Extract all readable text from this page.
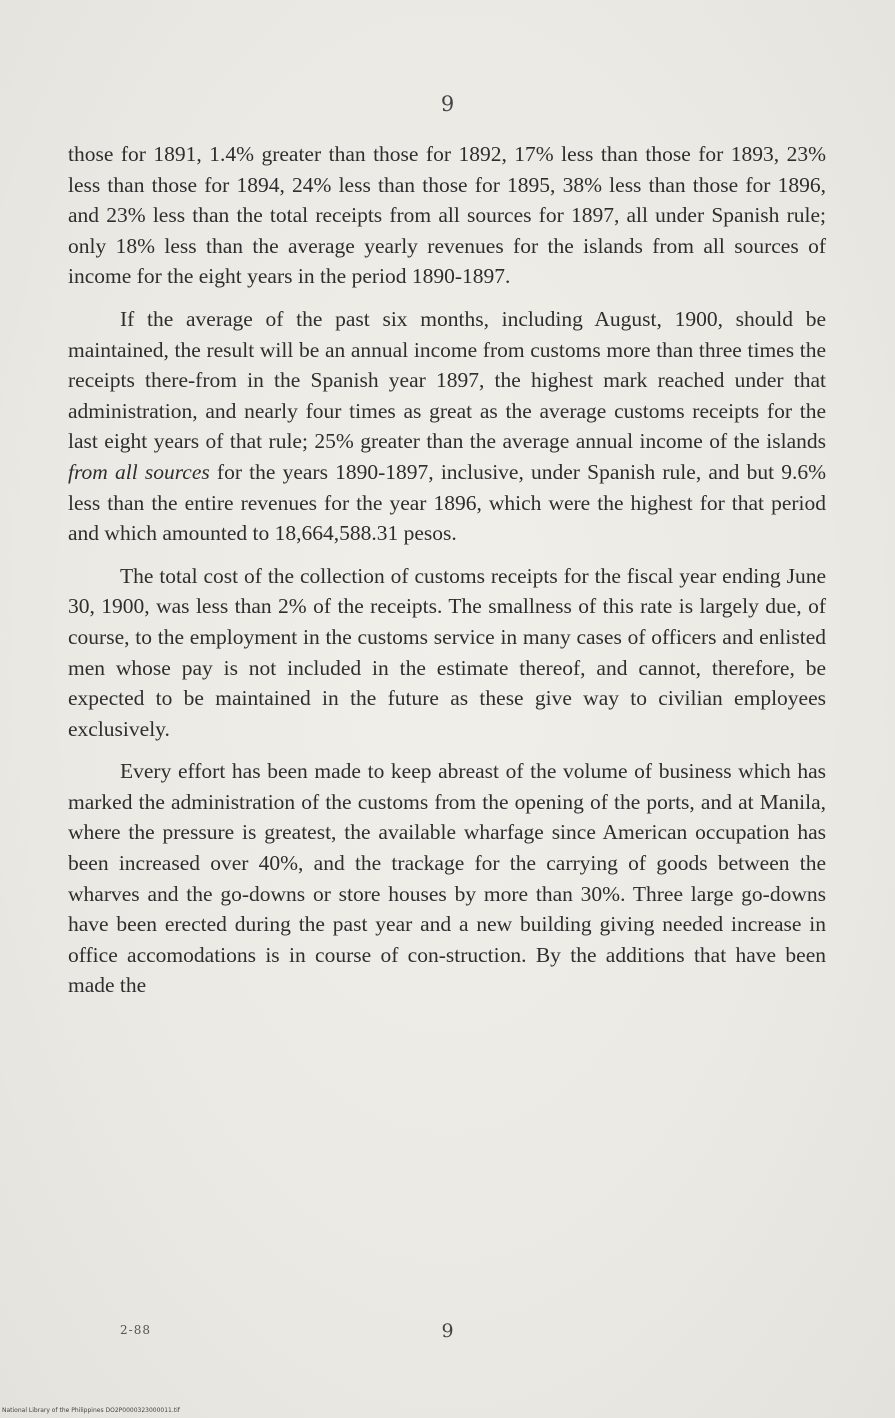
9

those for 1891, 1.4% greater than those for 1892, 17% less than those for 1893, 23% less than those for 1894, 24% less than those for 1895, 38% less than those for 1896, and 23% less than the total receipts from all sources for 1897, all under Spanish rule; only 18% less than the average yearly revenues for the islands from all sources of income for the eight years in the period 1890-1897.

If the average of the past six months, including August, 1900, should be maintained, the result will be an annual income from customs more than three times the receipts there-from in the Spanish year 1897, the highest mark reached under that administration, and nearly four times as great as the average customs receipts for the last eight years of that rule; 25% greater than the average annual income of the islands from all sources for the years 1890-1897, inclusive, under Spanish rule, and but 9.6% less than the entire revenues for the year 1896, which were the highest for that period and which amounted to 18,664,588.31 pesos.

The total cost of the collection of customs receipts for the fiscal year ending June 30, 1900, was less than 2% of the receipts. The smallness of this rate is largely due, of course, to the employment in the customs service in many cases of officers and enlisted men whose pay is not included in the estimate thereof, and cannot, therefore, be expected to be maintained in the future as these give way to civilian employees exclusively.

Every effort has been made to keep abreast of the volume of business which has marked the administration of the customs from the opening of the ports, and at Manila, where the pressure is greatest, the available wharfage since American occupation has been increased over 40%, and the trackage for the carrying of goods between the wharves and the go-downs or store houses by more than 30%. Three large go-downs have been erected during the past year and a new building giving needed increase in office accomodations is in course of con-struction. By the additions that have been made the

2-88	9
National Library of the Philippines DO2P0000323000011.tif
